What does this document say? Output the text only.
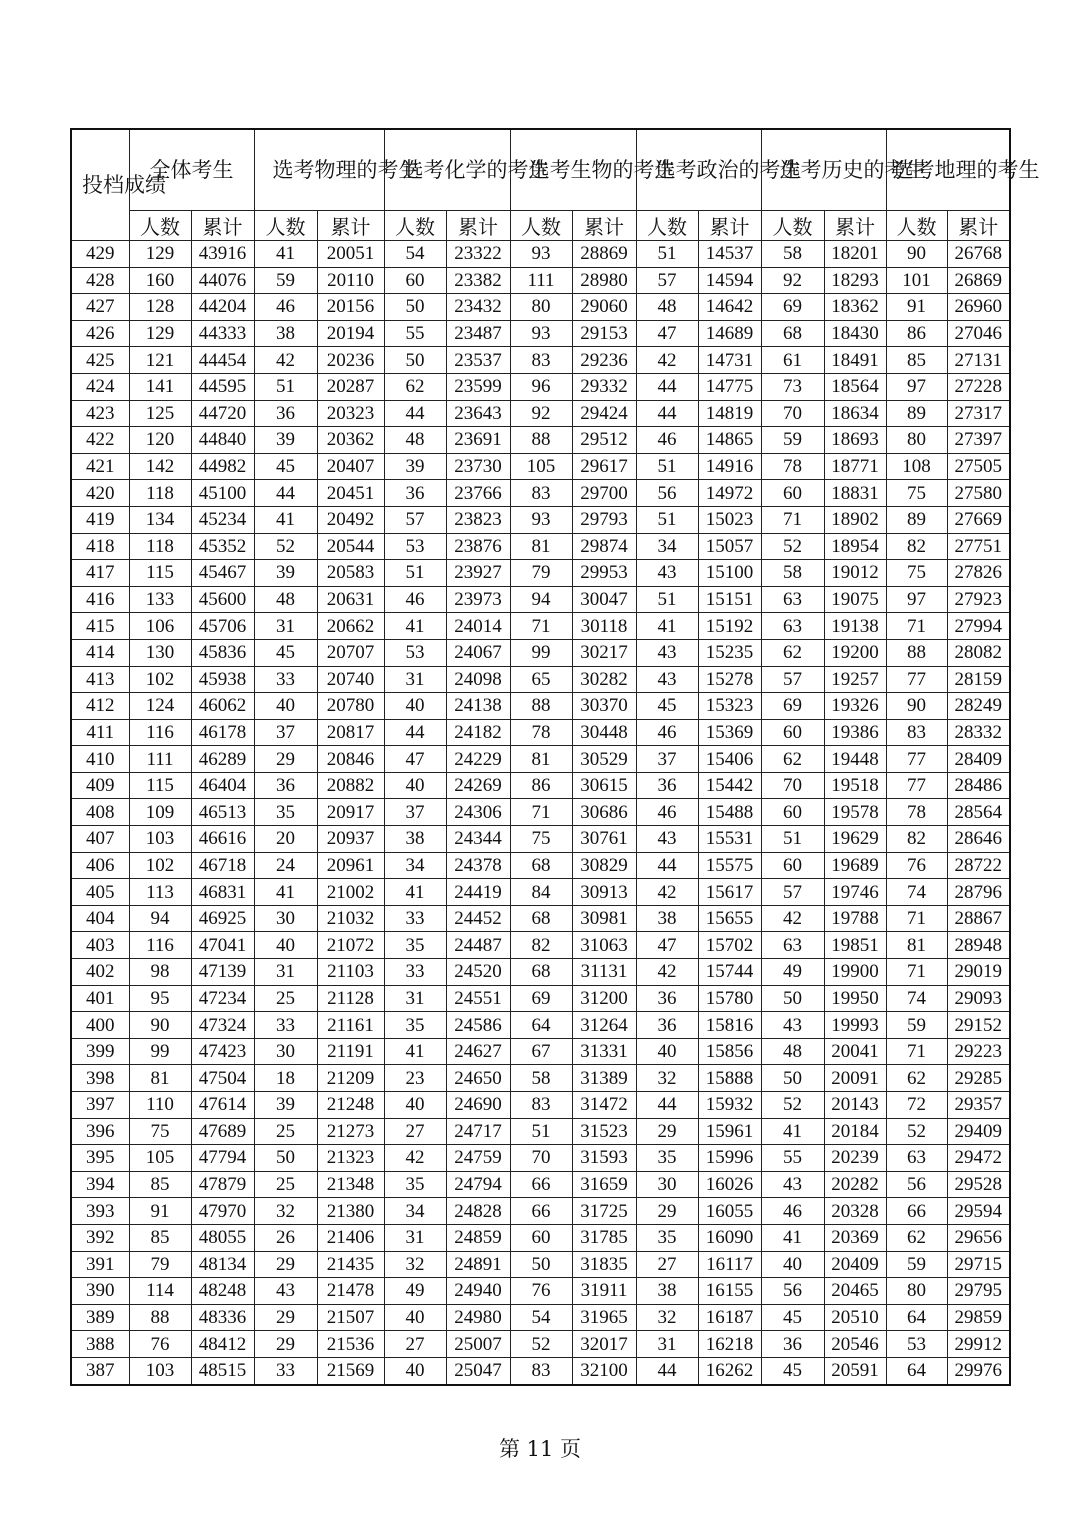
投档成绩	全体考生		选考物理的考生		选考化学的考生		选考生物的考生		选考政治的考生		选考历史的考生		选考地理的考生	
	人数	累计	人数	累计	人数	累计	人数	累计	人数	累计	人数	累计	人数	累计
429	129	43916	41	20051	54	23322	93	28869	51	14537	58	18201	90	26768
428	160	44076	59	20110	60	23382	111	28980	57	14594	92	18293	101	26869
427	128	44204	46	20156	50	23432	80	29060	48	14642	69	18362	91	26960
426	129	44333	38	20194	55	23487	93	29153	47	14689	68	18430	86	27046
425	121	44454	42	20236	50	23537	83	29236	42	14731	61	18491	85	27131
424	141	44595	51	20287	62	23599	96	29332	44	14775	73	18564	97	27228
423	125	44720	36	20323	44	23643	92	29424	44	14819	70	18634	89	27317
422	120	44840	39	20362	48	23691	88	29512	46	14865	59	18693	80	27397
421	142	44982	45	20407	39	23730	105	29617	51	14916	78	18771	108	27505
420	118	45100	44	20451	36	23766	83	29700	56	14972	60	18831	75	27580
419	134	45234	41	20492	57	23823	93	29793	51	15023	71	18902	89	27669
418	118	45352	52	20544	53	23876	81	29874	34	15057	52	18954	82	27751
417	115	45467	39	20583	51	23927	79	29953	43	15100	58	19012	75	27826
416	133	45600	48	20631	46	23973	94	30047	51	15151	63	19075	97	27923
415	106	45706	31	20662	41	24014	71	30118	41	15192	63	19138	71	27994
414	130	45836	45	20707	53	24067	99	30217	43	15235	62	19200	88	28082
413	102	45938	33	20740	31	24098	65	30282	43	15278	57	19257	77	28159
412	124	46062	40	20780	40	24138	88	30370	45	15323	69	19326	90	28249
411	116	46178	37	20817	44	24182	78	30448	46	15369	60	19386	83	28332
410	111	46289	29	20846	47	24229	81	30529	37	15406	62	19448	77	28409
409	115	46404	36	20882	40	24269	86	30615	36	15442	70	19518	77	28486
408	109	46513	35	20917	37	24306	71	30686	46	15488	60	19578	78	28564
407	103	46616	20	20937	38	24344	75	30761	43	15531	51	19629	82	28646
406	102	46718	24	20961	34	24378	68	30829	44	15575	60	19689	76	28722
405	113	46831	41	21002	41	24419	84	30913	42	15617	57	19746	74	28796
404	94	46925	30	21032	33	24452	68	30981	38	15655	42	19788	71	28867
403	116	47041	40	21072	35	24487	82	31063	47	15702	63	19851	81	28948
402	98	47139	31	21103	33	24520	68	31131	42	15744	49	19900	71	29019
401	95	47234	25	21128	31	24551	69	31200	36	15780	50	19950	74	29093
400	90	47324	33	21161	35	24586	64	31264	36	15816	43	19993	59	29152
399	99	47423	30	21191	41	24627	67	31331	40	15856	48	20041	71	29223
398	81	47504	18	21209	23	24650	58	31389	32	15888	50	20091	62	29285
397	110	47614	39	21248	40	24690	83	31472	44	15932	52	20143	72	29357
396	75	47689	25	21273	27	24717	51	31523	29	15961	41	20184	52	29409
395	105	47794	50	21323	42	24759	70	31593	35	15996	55	20239	63	29472
394	85	47879	25	21348	35	24794	66	31659	30	16026	43	20282	56	29528
393	91	47970	32	21380	34	24828	66	31725	29	16055	46	20328	66	29594
392	85	48055	26	21406	31	24859	60	31785	35	16090	41	20369	62	29656
391	79	48134	29	21435	32	24891	50	31835	27	16117	40	20409	59	29715
390	114	48248	43	21478	49	24940	76	31911	38	16155	56	20465	80	29795
389	88	48336	29	21507	40	24980	54	31965	32	16187	45	20510	64	29859
388	76	48412	29	21536	27	25007	52	32017	31	16218	36	20546	53	29912
387	103	48515	33	21569	40	25047	83	32100	44	16262	45	20591	64	29976
第 11 页
